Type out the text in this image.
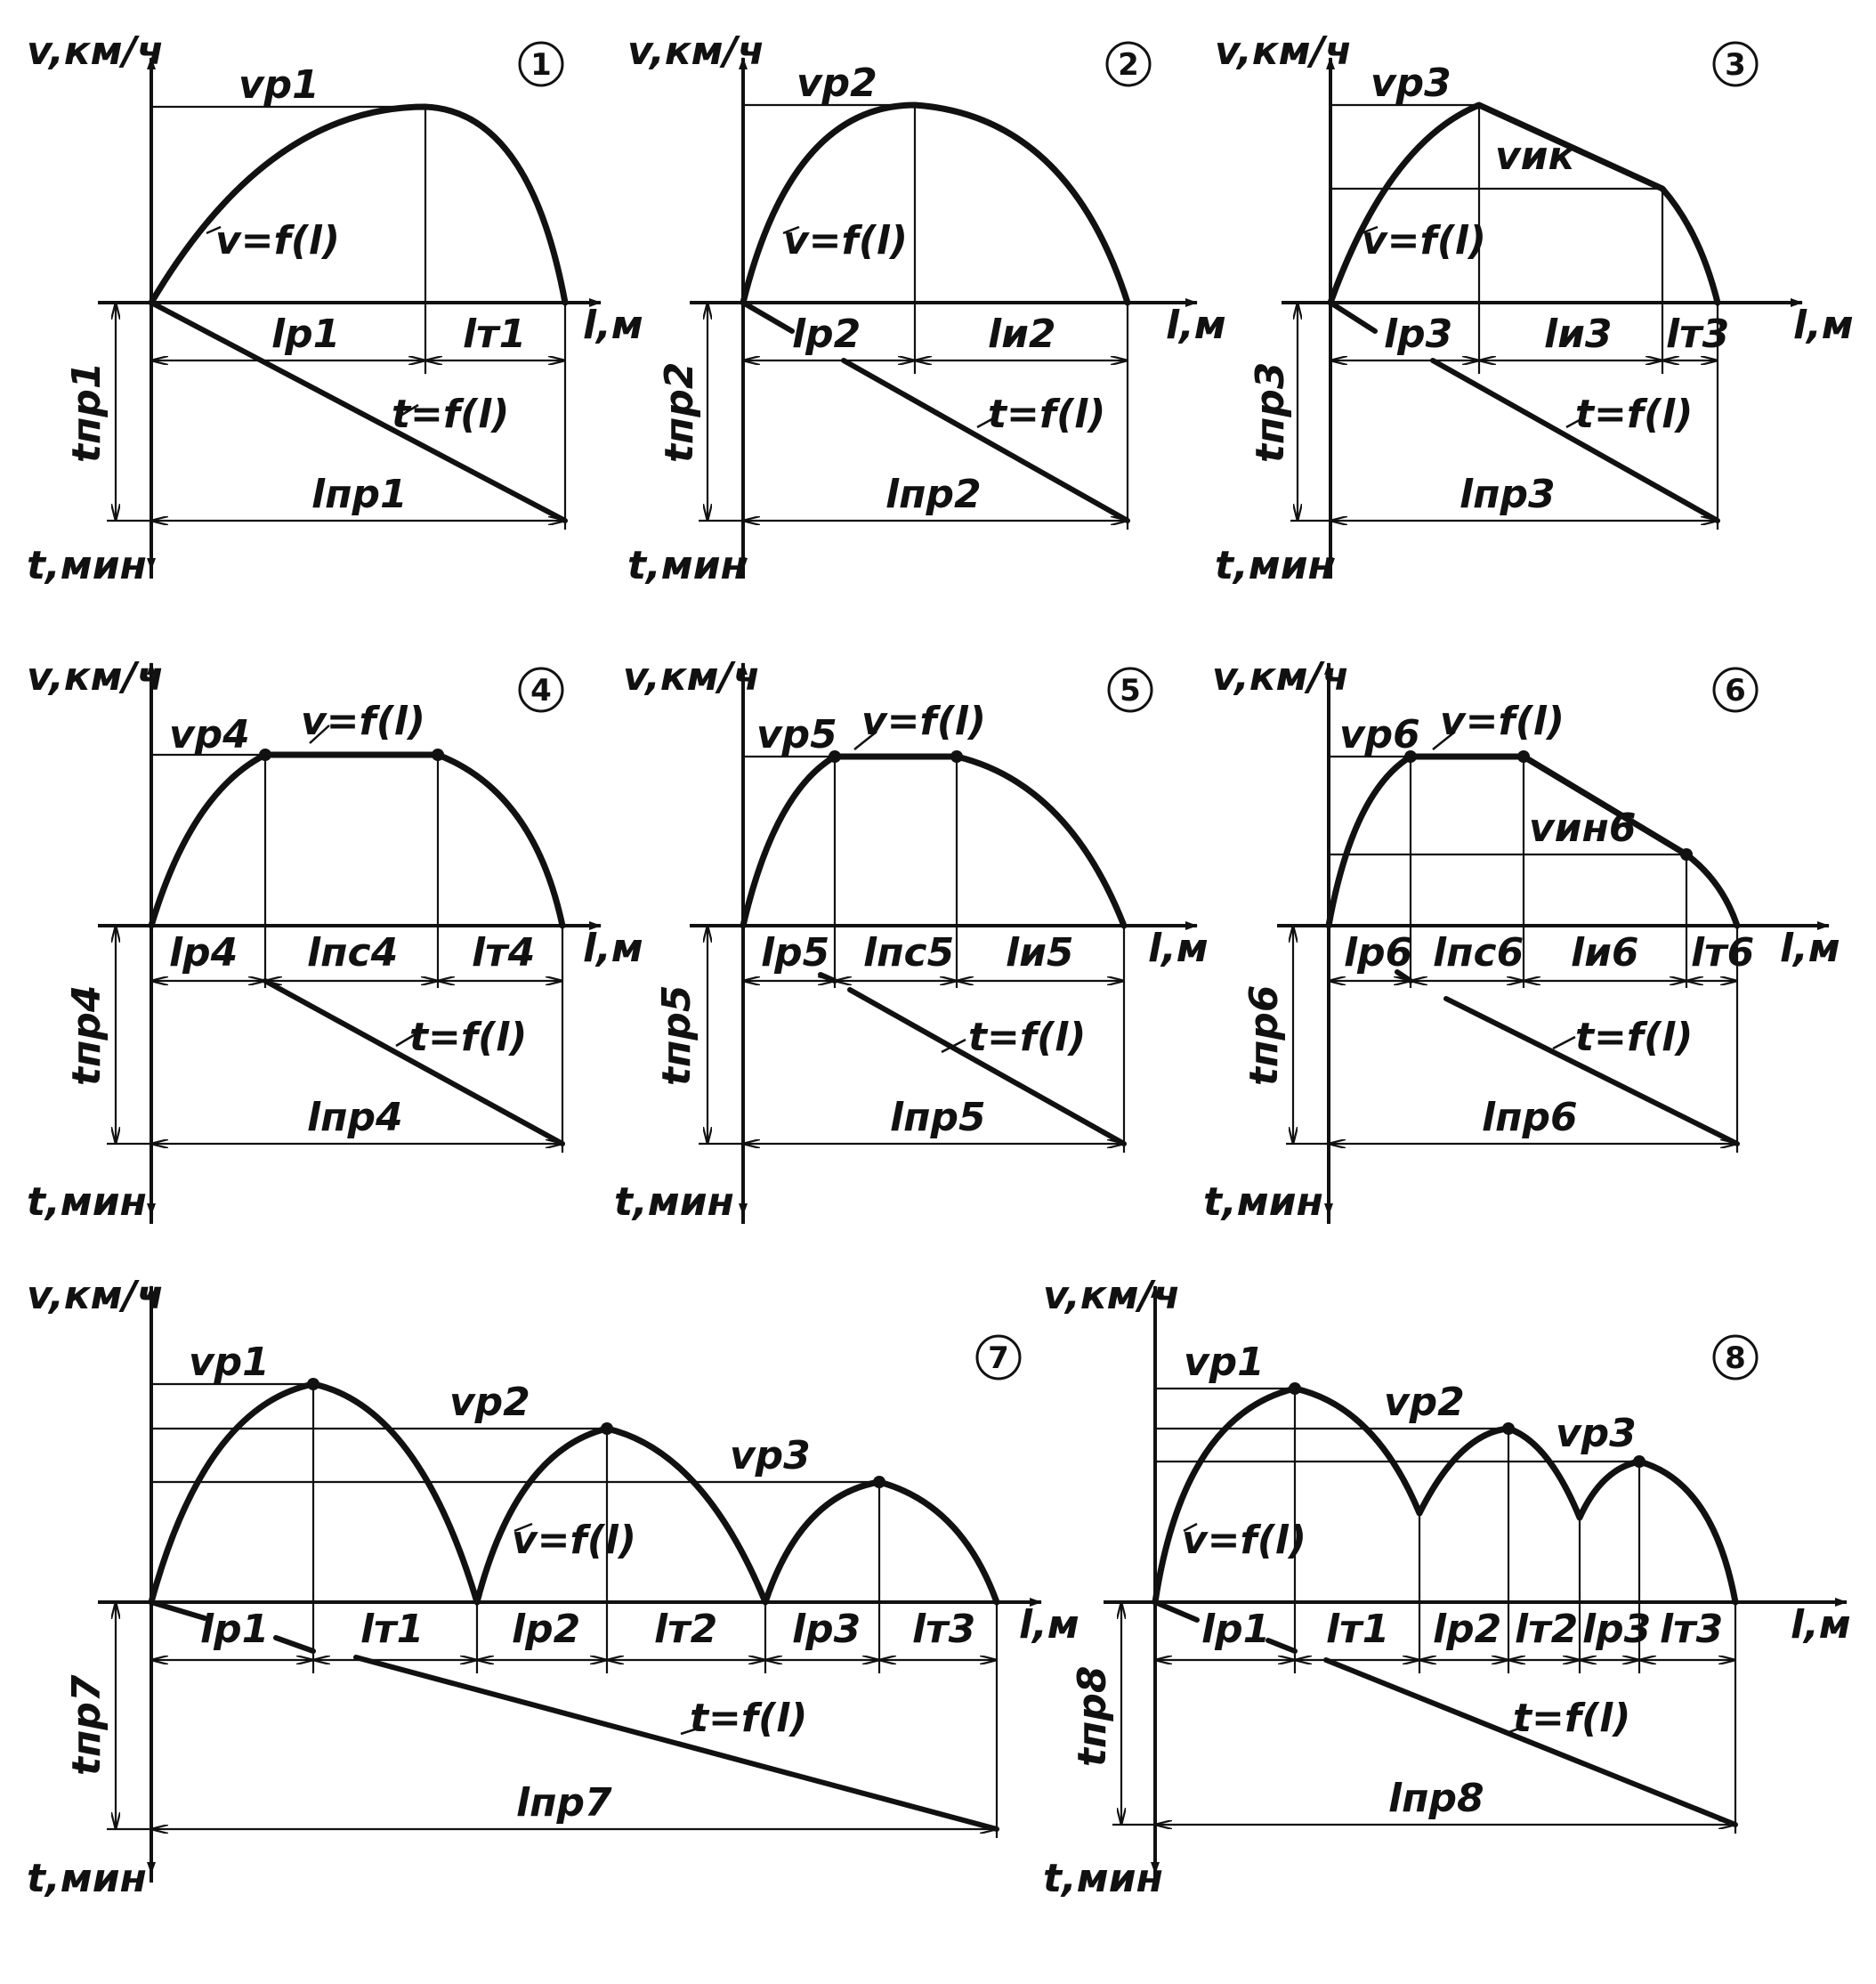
1
v,км/ч
l,м
t,мин
vр1
v=f(l)
t=f(l)
lр1	lт1
lпр1
tпр1
2
v,км/ч
l,м
t,мин
vр2
v=f(l)
t=f(l)
lр2	lи2
lпр2
tпр2
3
v,км/ч
l,м
t,мин
vр3
vик
v=f(l)
t=f(l)
lр3 lи3 lт3
lпр3
tпр3
4
v,км/ч
l,м
t,мин
vр4 v=f(l)
t=f(l)
lр4 lпс4 lт4
lпр4
tпр4
5
v,км/ч
l,м
t,мин
vр5 v=f(l)
t=f(l)
lр5 lпс5 lи5
lпр5
tпр5
6
v,км/ч
l,м
t,мин
vр6 v=f(l)
vин6
t=f(l)
lр6 lпс6 lи6 lт6
lпр6
tпр6
7
v,км/ч
l,м
t,мин
vр1
vр2
vр3
v=f(l)
t=f(l)
lр1 lт1 lр2 lт2 lр3 lт3
lпр7
tпр7
8
v,км/ч
l,м
t,мин
vр1
vр2
vр3
v=f(l)
t=f(l)
lр1 lт1 lр2 lт2 lр3 lт3
lпр8
tпр8
